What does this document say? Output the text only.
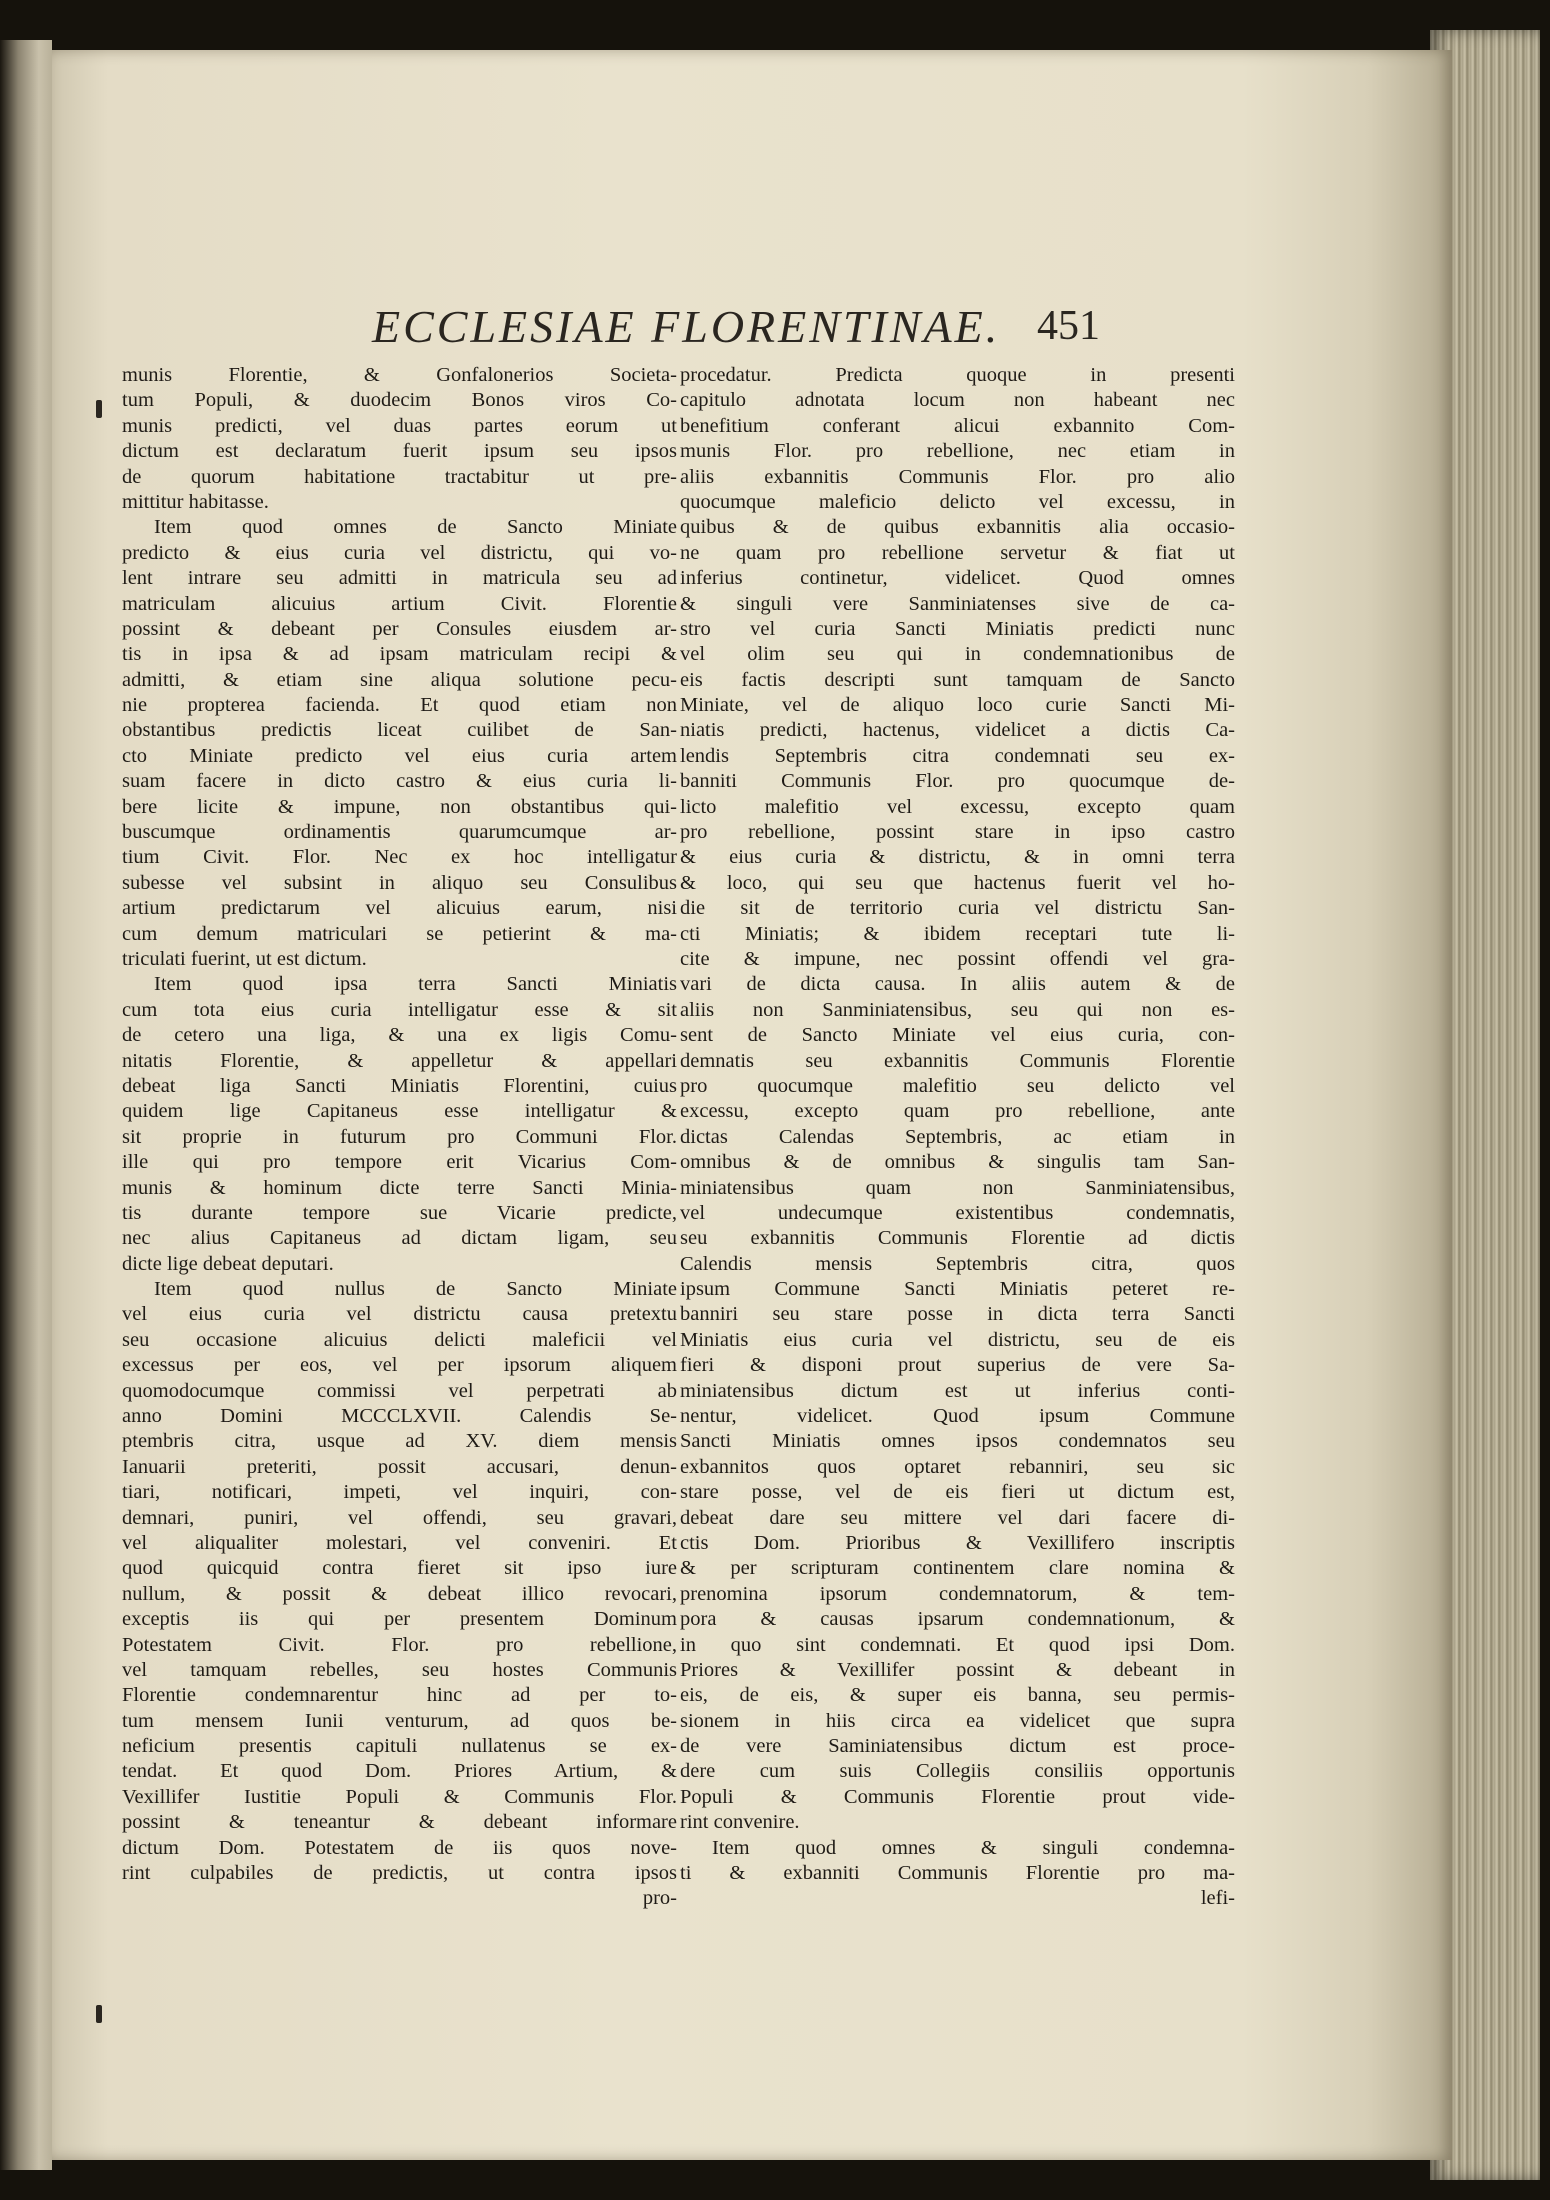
ECCLESIAE FLORENTINAE. 451
munis Florentie, & Gonfalonerios Societa-
tum Populi, & duodecim Bonos viros Co-
munis predicti, vel duas partes eorum ut
dictum est declaratum fuerit ipsum seu ipsos
de quorum habitatione tractabitur ut pre-
mittitur habitasse.
Item quod omnes de Sancto Miniate
predicto & eius curia vel districtu, qui vo-
lent intrare seu admitti in matricula seu ad
matriculam alicuius artium Civit. Florentie
possint & debeant per Consules eiusdem ar-
tis in ipsa & ad ipsam matriculam recipi &
admitti, & etiam sine aliqua solutione pecu-
nie propterea facienda. Et quod etiam non
obstantibus predictis liceat cuilibet de San-
cto Miniate predicto vel eius curia artem
suam facere in dicto castro & eius curia li-
bere licite & impune, non obstantibus qui-
buscumque ordinamentis quarumcumque ar-
tium Civit. Flor. Nec ex hoc intelligatur
subesse vel subsint in aliquo seu Consulibus
artium predictarum vel alicuius earum, nisi
cum demum matriculari se petierint & ma-
triculati fuerint, ut est dictum.
Item quod ipsa terra Sancti Miniatis
cum tota eius curia intelligatur esse & sit
de cetero una liga, & una ex ligis Comu-
nitatis Florentie, & appelletur & appellari
debeat liga Sancti Miniatis Florentini, cuius
quidem lige Capitaneus esse intelligatur &
sit proprie in futurum pro Communi Flor.
ille qui pro tempore erit Vicarius Com-
munis & hominum dicte terre Sancti Minia-
tis durante tempore sue Vicarie predicte,
nec alius Capitaneus ad dictam ligam, seu
dicte lige debeat deputari.
Item quod nullus de Sancto Miniate
vel eius curia vel districtu causa pretextu
seu occasione alicuius delicti maleficii vel
excessus per eos, vel per ipsorum aliquem
quomodocumque commissi vel perpetrati ab
anno Domini MCCCLXVII. Calendis Se-
ptembris citra, usque ad XV. diem mensis
Ianuarii preteriti, possit accusari, denun-
tiari, notificari, impeti, vel inquiri, con-
demnari, puniri, vel offendi, seu gravari,
vel aliqualiter molestari, vel conveniri. Et
quod quicquid contra fieret sit ipso iure
nullum, & possit & debeat illico revocari,
exceptis iis qui per presentem Dominum
Potestatem Civit. Flor. pro rebellione,
vel tamquam rebelles, seu hostes Communis
Florentie condemnarentur hinc ad per to-
tum mensem Iunii venturum, ad quos be-
neficium presentis capituli nullatenus se ex-
tendat. Et quod Dom. Priores Artium, &
Vexillifer Iustitie Populi & Communis Flor.
possint & teneantur & debeant informare
dictum Dom. Potestatem de iis quos nove-
rint culpabiles de predictis, ut contra ipsos
pro-
procedatur. Predicta quoque in presenti
capitulo adnotata locum non habeant nec
benefitium conferant alicui exbannito Com-
munis Flor. pro rebellione, nec etiam in
aliis exbannitis Communis Flor. pro alio
quocumque maleficio delicto vel excessu, in
quibus & de quibus exbannitis alia occasio-
ne quam pro rebellione servetur & fiat ut
inferius continetur, videlicet. Quod omnes
& singuli vere Sanminiatenses sive de ca-
stro vel curia Sancti Miniatis predicti nunc
vel olim seu qui in condemnationibus de
eis factis descripti sunt tamquam de Sancto
Miniate, vel de aliquo loco curie Sancti Mi-
niatis predicti, hactenus, videlicet a dictis Ca-
lendis Septembris citra condemnati seu ex-
banniti Communis Flor. pro quocumque de-
licto malefitio vel excessu, excepto quam
pro rebellione, possint stare in ipso castro
& eius curia & districtu, & in omni terra
& loco, qui seu que hactenus fuerit vel ho-
die sit de territorio curia vel districtu San-
cti Miniatis; & ibidem receptari tute li-
cite & impune, nec possint offendi vel gra-
vari de dicta causa. In aliis autem & de
aliis non Sanminiatensibus, seu qui non es-
sent de Sancto Miniate vel eius curia, con-
demnatis seu exbannitis Communis Florentie
pro quocumque malefitio seu delicto vel
excessu, excepto quam pro rebellione, ante
dictas Calendas Septembris, ac etiam in
omnibus & de omnibus & singulis tam San-
miniatensibus quam non Sanminiatensibus,
vel undecumque existentibus condemnatis,
seu exbannitis Communis Florentie ad dictis
Calendis mensis Septembris citra, quos
ipsum Commune Sancti Miniatis peteret re-
banniri seu stare posse in dicta terra Sancti
Miniatis eius curia vel districtu, seu de eis
fieri & disponi prout superius de vere Sa-
miniatensibus dictum est ut inferius conti-
nentur, videlicet. Quod ipsum Commune
Sancti Miniatis omnes ipsos condemnatos seu
exbannitos quos optaret rebanniri, seu sic
stare posse, vel de eis fieri ut dictum est,
debeat dare seu mittere vel dari facere di-
ctis Dom. Prioribus & Vexillifero inscriptis
& per scripturam continentem clare nomina &
prenomina ipsorum condemnatorum, & tem-
pora & causas ipsarum condemnationum, &
in quo sint condemnati. Et quod ipsi Dom.
Priores & Vexillifer possint & debeant in
eis, de eis, & super eis banna, seu permis-
sionem in hiis circa ea videlicet que supra
de vere Saminiatensibus dictum est proce-
dere cum suis Collegiis consiliis opportunis
Populi & Communis Florentie prout vide-
rint convenire.
Item quod omnes & singuli condemna-
ti & exbanniti Communis Florentie pro ma-
lefi-
